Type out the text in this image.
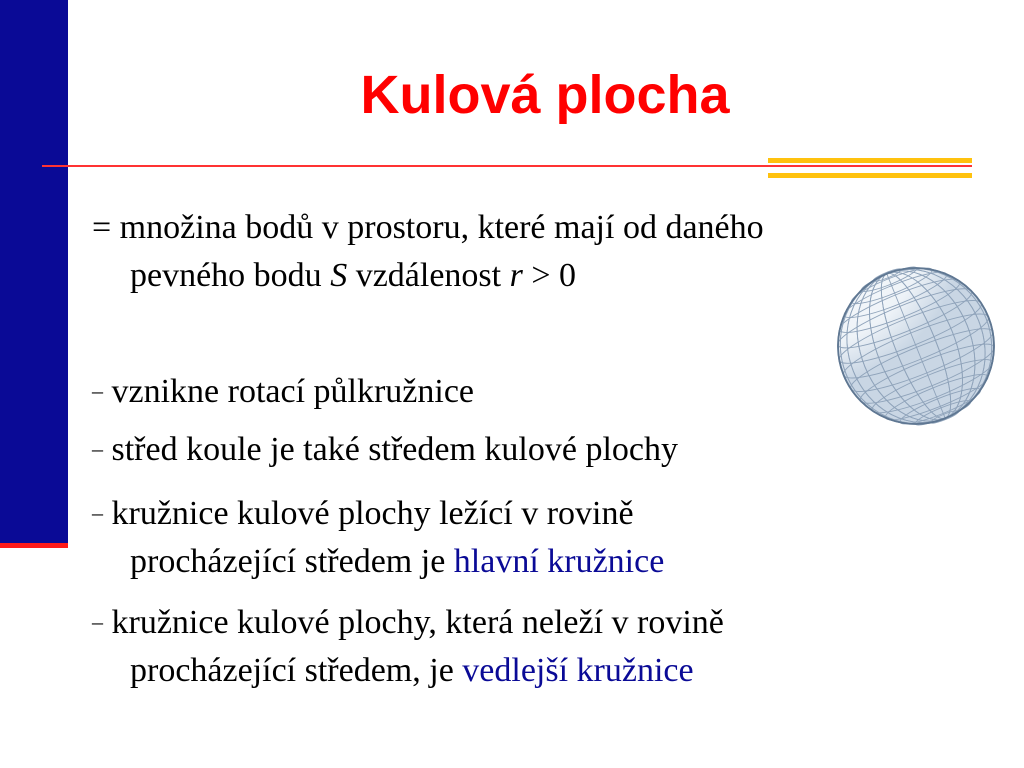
Kulová plocha

= množina bodů v prostoru, které mají od daného
pevného bodu S vzdálenost r > 0

– vznikne rotací půlkružnice

– střed koule je také středem kulové plochy

– kružnice kulové plochy ležící v rovině
procházející středem je hlavní kružnice

– kružnice kulové plochy, která neleží v rovině
procházející středem, je vedlejší kružnice
